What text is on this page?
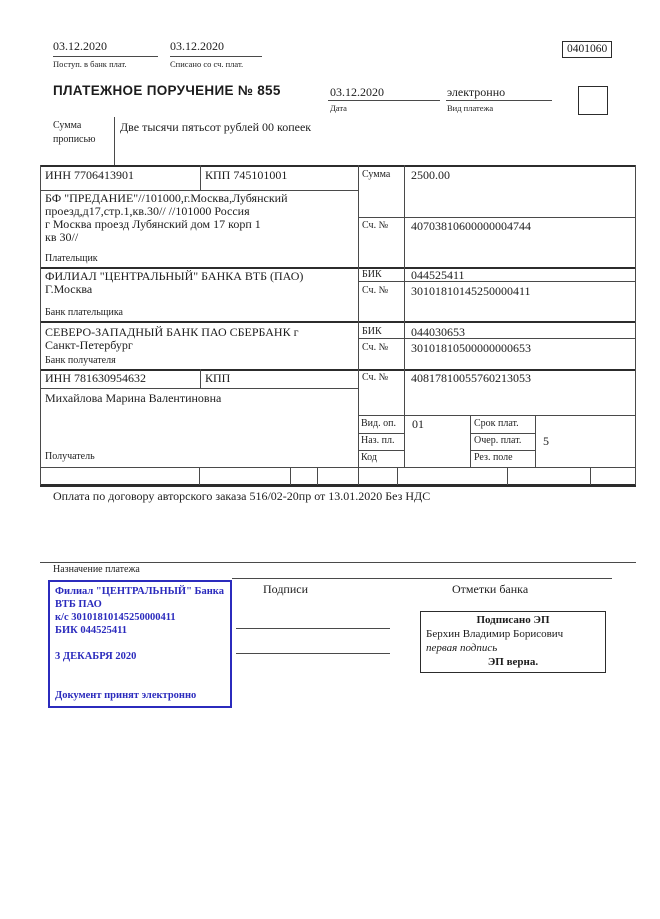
03.12.2020
Поступ. в банк плат.
03.12.2020
Списано со сч. плат.
0401060
ПЛАТЕЖНОЕ ПОРУЧЕНИЕ № 855	03.12.2020
Дата
электронно
Вид платежа
Сумма
прописью
Две тысячи пятьсот рублей 00 копеек
ИНН 7706413901	КПП 745101001	Сумма 2500.00
БФ "ПРЕДАНИЕ"//101000,г.Москва,Лубянский
проезд,д17,стр.1,кв.30// //101000 Россия
г Москва проезд Лубянский дом 17 корп 1
кв 30//
Плательщик
Сч. № 40703810600000004744
ФИЛИАЛ "ЦЕНТРАЛЬНЫЙ" БАНКА ВТБ (ПАО)
Г.Москва
Банк плательщика
БИК 044525411
Сч. № 30101810145250000411
СЕВЕРО-ЗАПАДНЫЙ БАНК ПАО СБЕРБАНК г
Санкт-Петербург
Банк получателя
БИК 044030653
Сч. № 30101810500000000653
ИНН 781630954632	КПП	Сч. № 40817810055760213053
Михайлова Марина Валентиновна
Получатель
Вид. оп. 01	Срок плат.
Наз. пл.	Очер. плат. 5
Код	Рез. поле
Оплата по договору авторского заказа 516/02-20пр от 13.01.2020 Без НДС
Назначение платежа
Подписи	Отметки банка
Филиал "ЦЕНТРАЛЬНЫЙ" Банка
ВТБ ПАО
к/с 30101810145250000411
БИК 044525411
3 ДЕКАБРЯ 2020
Документ принят электронно
Подписано ЭП
Берхин Владимир Борисович
первая подпись
ЭП верна.
